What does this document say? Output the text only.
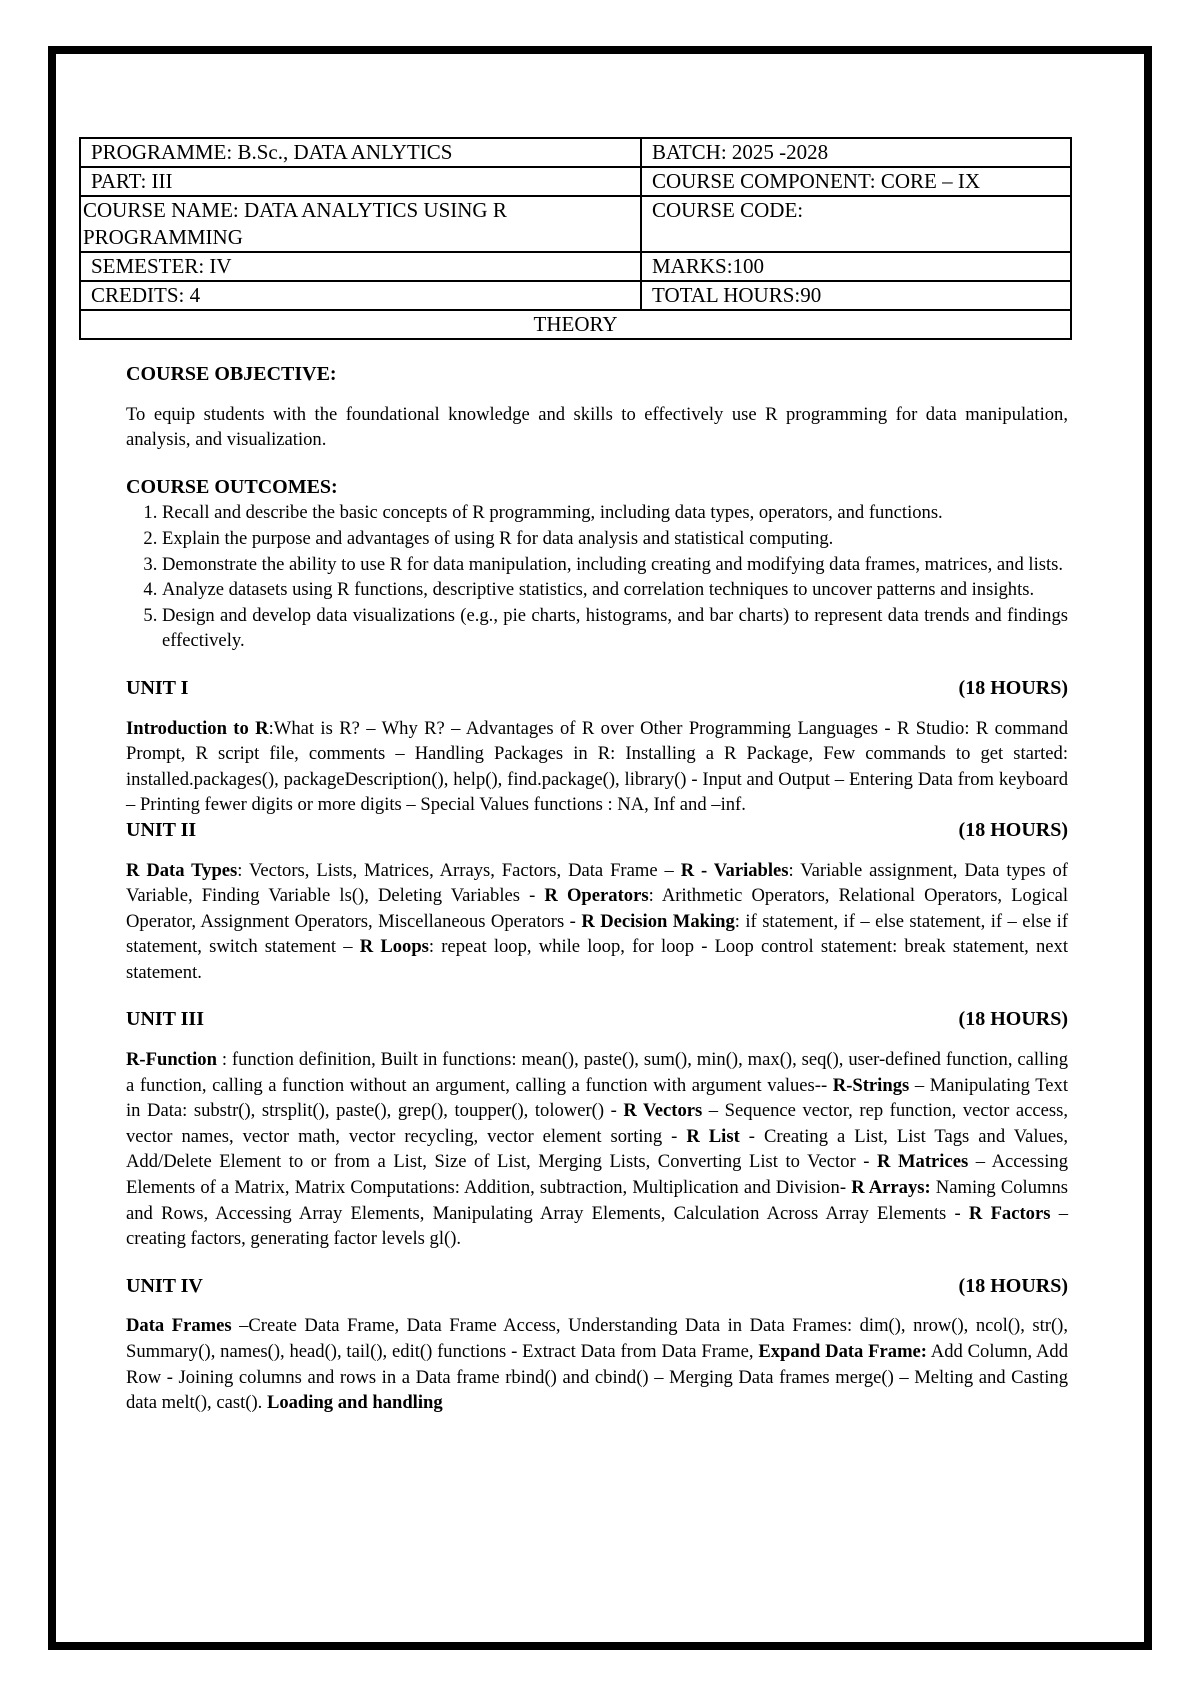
PROGRAMME: B.Sc., DATA ANLYTICS	BATCH: 2025 -2028
PART: III	COURSE COMPONENT: CORE – IX
COURSE NAME: DATA ANALYTICS USING R PROGRAMMING	COURSE CODE:
SEMESTER: IV	MARKS:100
CREDITS: 4	TOTAL HOURS:90
THEORY	
COURSE OBJECTIVE:

To equip students with the foundational knowledge and skills to effectively use R programming for data manipulation, analysis, and visualization.

COURSE OUTCOMES:
1. Recall and describe the basic concepts of R programming, including data types, operators, and functions.
2. Explain the purpose and advantages of using R for data analysis and statistical computing.
3. Demonstrate the ability to use R for data manipulation, including creating and modifying data frames, matrices, and lists.
4. Analyze datasets using R functions, descriptive statistics, and correlation techniques to uncover patterns and insights.
5. Design and develop data visualizations (e.g., pie charts, histograms, and bar charts) to represent data trends and findings effectively.
UNIT I	(18 HOURS)

Introduction to R:What is R? – Why R? – Advantages of R over Other Programming Languages - R Studio: R command Prompt, R script file, comments – Handling Packages in R: Installing a R Package, Few commands to get started: installed.packages(), packageDescription(), help(), find.package(), library() - Input and Output – Entering Data from keyboard – Printing fewer digits or more digits – Special Values functions : NA, Inf and –inf.

UNIT II	(18 HOURS)

R Data Types: Vectors, Lists, Matrices, Arrays, Factors, Data Frame – R - Variables: Variable assignment, Data types of Variable, Finding Variable ls(), Deleting Variables - R Operators: Arithmetic Operators, Relational Operators, Logical Operator, Assignment Operators, Miscellaneous Operators - R Decision Making: if statement, if – else statement, if – else if statement, switch statement – R Loops: repeat loop, while loop, for loop - Loop control statement: break statement, next statement.

UNIT III	(18 HOURS)

R-Function : function definition, Built in functions: mean(), paste(), sum(), min(), max(), seq(), user-defined function, calling a function, calling a function without an argument, calling a function with argument values-- R-Strings – Manipulating Text in Data: substr(), strsplit(), paste(), grep(), toupper(), tolower() - R Vectors – Sequence vector, rep function, vector access, vector names, vector math, vector recycling, vector element sorting - R List - Creating a List, List Tags and Values, Add/Delete Element to or from a List, Size of List, Merging Lists, Converting List to Vector - R Matrices – Accessing Elements of a Matrix, Matrix Computations: Addition, subtraction, Multiplication and Division- R Arrays: Naming Columns and Rows, Accessing Array Elements, Manipulating Array Elements, Calculation Across Array Elements - R Factors –creating factors, generating factor levels gl().

UNIT IV	(18 HOURS)

Data Frames –Create Data Frame, Data Frame Access, Understanding Data in Data Frames: dim(), nrow(), ncol(), str(), Summary(), names(), head(), tail(), edit() functions - Extract Data from Data Frame, Expand Data Frame: Add Column, Add Row - Joining columns and rows in a Data frame rbind() and cbind() – Merging Data frames merge() – Melting and Casting data melt(), cast(). Loading and handling
